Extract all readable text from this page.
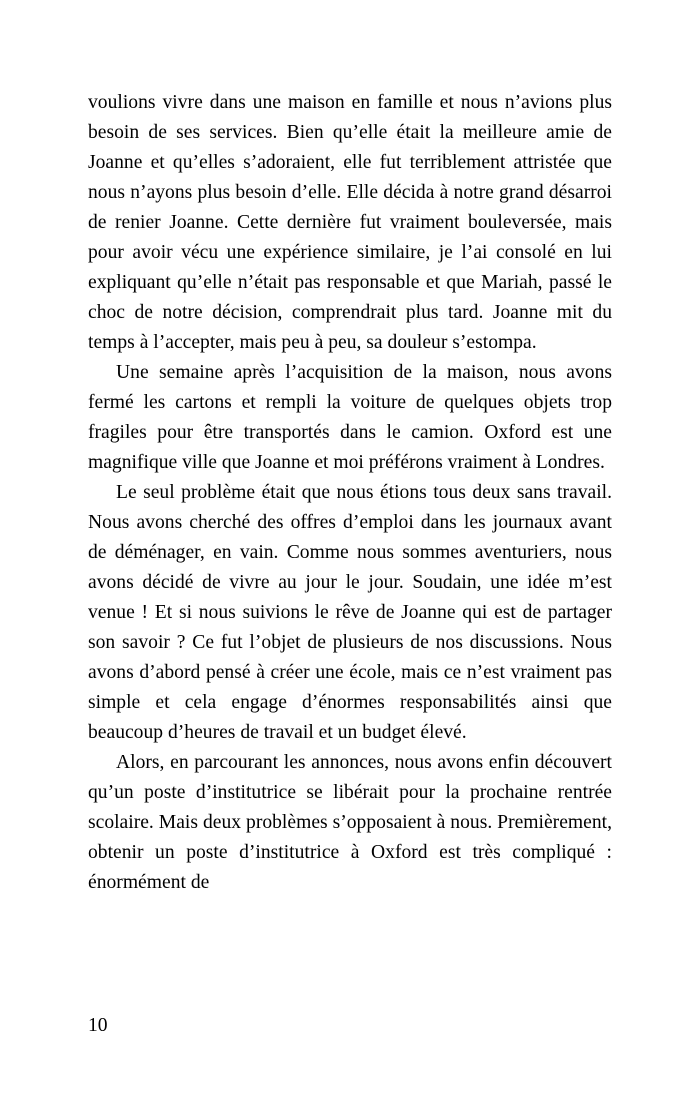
voulions vivre dans une maison en famille et nous n’avions plus besoin de ses services. Bien qu’elle était la meilleure amie de Joanne et qu’elles s’adoraient, elle fut terriblement attristée que nous n’ayons plus besoin d’elle. Elle décida à notre grand désarroi de renier Joanne. Cette dernière fut vraiment bouleversée, mais pour avoir vécu une expérience similaire, je l’ai consolé en lui expliquant qu’elle n’était pas responsable et que Mariah, passé le choc de notre décision, comprendrait plus tard. Joanne mit du temps à l’accepter, mais peu à peu, sa douleur s’estompa.

Une semaine après l’acquisition de la maison, nous avons fermé les cartons et rempli la voiture de quelques objets trop fragiles pour être transportés dans le camion. Oxford est une magnifique ville que Joanne et moi préférons vraiment à Londres.

Le seul problème était que nous étions tous deux sans travail. Nous avons cherché des offres d’emploi dans les journaux avant de déménager, en vain. Comme nous sommes aventuriers, nous avons décidé de vivre au jour le jour. Soudain, une idée m’est venue ! Et si nous suivions le rêve de Joanne qui est de partager son savoir ? Ce fut l’objet de plusieurs de nos discussions. Nous avons d’abord pensé à créer une école, mais ce n’est vraiment pas simple et cela engage d’énormes responsabilités ainsi que beaucoup d’heures de travail et un budget élevé.

Alors, en parcourant les annonces, nous avons enfin découvert qu’un poste d’institutrice se libérait pour la prochaine rentrée scolaire. Mais deux problèmes s’opposaient à nous. Premièrement, obtenir un poste d’institutrice à Oxford est très compliqué : énormément de

10
